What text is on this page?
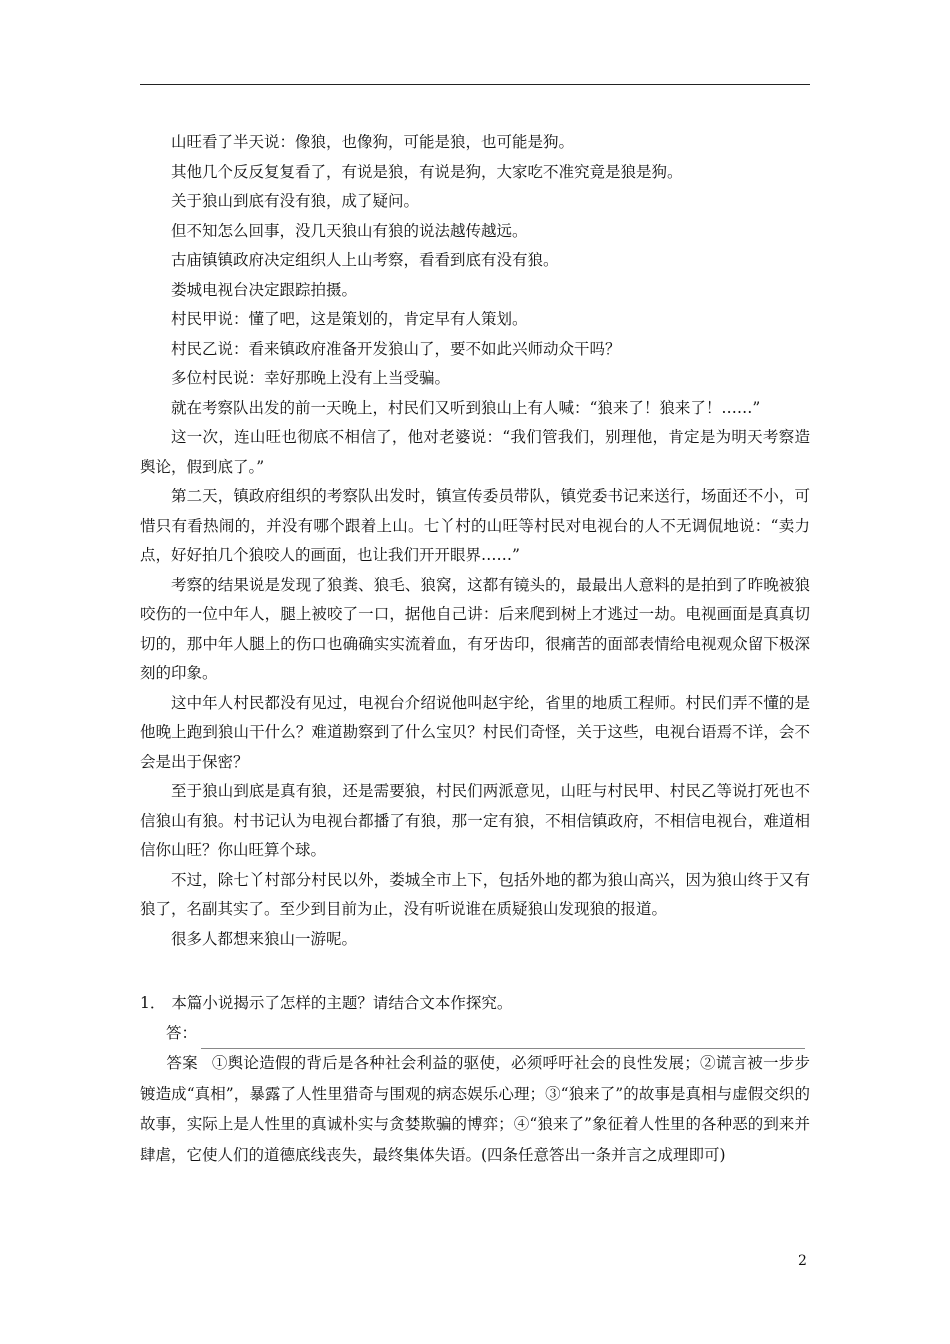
山旺看了半天说：像狼，也像狗，可能是狼，也可能是狗。

其他几个反反复复看了，有说是狼，有说是狗，大家吃不准究竟是狼是狗。

关于狼山到底有没有狼，成了疑问。

但不知怎么回事，没几天狼山有狼的说法越传越远。

古庙镇镇政府决定组织人上山考察，看看到底有没有狼。

娄城电视台决定跟踪拍摄。

村民甲说：懂了吧，这是策划的，肯定早有人策划。

村民乙说：看来镇政府准备开发狼山了，要不如此兴师动众干吗？

多位村民说：幸好那晚上没有上当受骗。

就在考察队出发的前一天晚上，村民们又听到狼山上有人喊：“狼来了！狼来了！……”

这一次，连山旺也彻底不相信了，他对老婆说：“我们管我们，别理他，肯定是为明天考察造舆论，假到底了。”

第二天，镇政府组织的考察队出发时，镇宣传委员带队，镇党委书记来送行，场面还不小，可惜只有看热闹的，并没有哪个跟着上山。七丫村的山旺等村民对电视台的人不无调侃地说：“卖力点，好好拍几个狼咬人的画面，也让我们开开眼界……”

考察的结果说是发现了狼粪、狼毛、狼窝，这都有镜头的，最最出人意料的是拍到了昨晚被狼咬伤的一位中年人，腿上被咬了一口，据他自己讲：后来爬到树上才逃过一劫。电视画面是真真切切的，那中年人腿上的伤口也确确实实流着血，有牙齿印，很痛苦的面部表情给电视观众留下极深刻的印象。

这中年人村民都没有见过，电视台介绍说他叫赵宇纶，省里的地质工程师。村民们弄不懂的是他晚上跑到狼山干什么？难道勘察到了什么宝贝？村民们奇怪，关于这些，电视台语焉不详，会不会是出于保密？

至于狼山到底是真有狼，还是需要狼，村民们两派意见，山旺与村民甲、村民乙等说打死也不信狼山有狼。村书记认为电视台都播了有狼，那一定有狼，不相信镇政府，不相信电视台，难道相信你山旺？你山旺算个球。

不过，除七丫村部分村民以外，娄城全市上下，包括外地的都为狼山高兴，因为狼山终于又有狼了，名副其实了。至少到目前为止，没有听说谁在质疑狼山发现狼的报道。

很多人都想来狼山一游呢。

1． 本篇小说揭示了怎样的主题？请结合文本作探究。
答：

答案 ①舆论造假的背后是各种社会利益的驱使，必须呼吁社会的良性发展；②谎言被一步步镀造成“真相”，暴露了人性里猎奇与围观的病态娱乐心理；③“狼来了”的故事是真相与虚假交织的故事，实际上是人性里的真诚朴实与贪婪欺骗的博弈；④“狼来了”象征着人性里的各种恶的到来并肆虐，它使人们的道德底线丧失，最终集体失语。(四条任意答出一条并言之成理即可)

2
